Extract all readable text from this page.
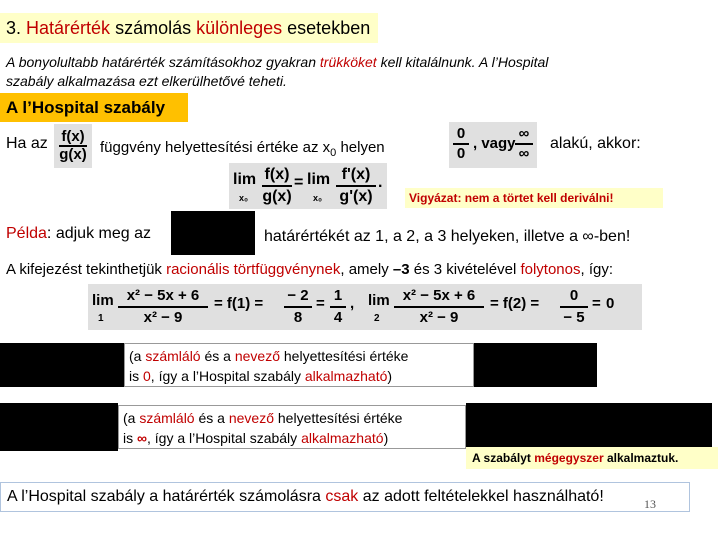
3. Határérték számolás különleges esetekben
A bonyolultabb határérték számításokhoz gyakran trükköket kell kitalálnunk. A l’Hospital
szabály alkalmazása ezt elkerülhetővé teheti.
A l’Hospital szabály
Ha az $\frac{f(x)}{g(x)}$ függvény helyettesítési értéke az $x_0$ helyen
0
0
, vagy
∞
∞
alakú, akkor:
lim
x₀
f(x)
g(x)
= lim
x₀
f'(x)
g'(x)
.
Vigyázat: nem a törtet kell deriválni!
Példa: adjuk meg az	határértékét az 1, a 2, a 3 helyeken, illetve a ∞-ben!
A kifejezést tekinthetjük racionális törtfüggvénynek, amely –3 és 3 kivételével folytonos, így:
lim
1
x² − 5x + 6
x² − 9
= f(1) = − 2
8
= 1
4
, lim
2
x² − 5x + 6
x² − 9
= f(2) =	0
− 5
= 0
(a számláló és a nevező helyettesítési értéke
is 0, így a l’Hospital szabály alkalmazható)
(a számláló és a nevező helyettesítési értéke
is ∞, így a l’Hospital szabály alkalmazható)
A szabályt mégegyszer alkalmaztuk.
A l’Hospital szabály a határérték számolásra csak az adott feltételekkel használható!	13
